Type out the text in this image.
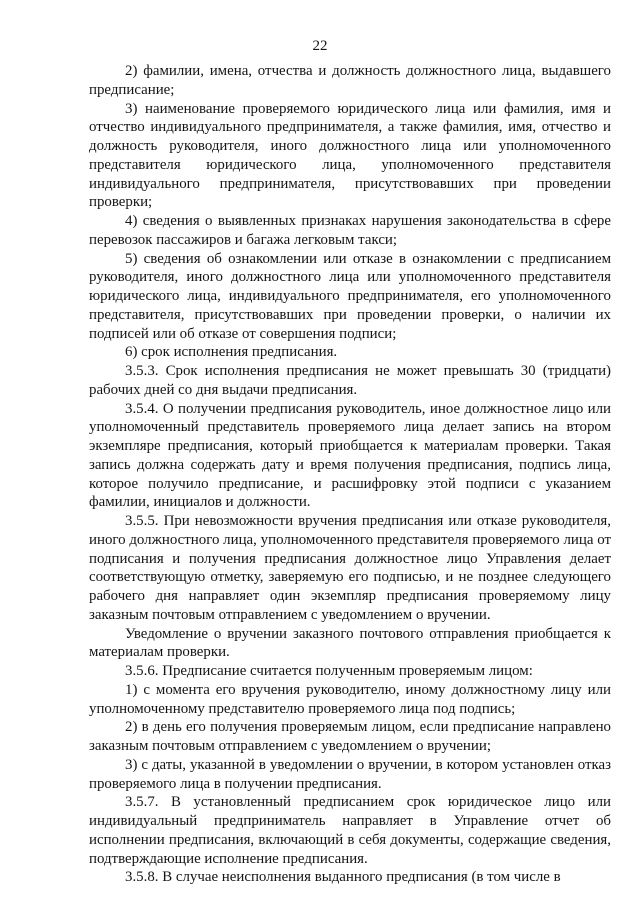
22

2) фамилии, имена, отчества и должность должностного лица, выдавшего предписание;

3) наименование проверяемого юридического лица или фамилия, имя и отчество индивидуального предпринимателя, а также фамилия, имя, отчество и должность руководителя, иного должностного лица или уполномоченного представителя юридического лица, уполномоченного представителя индивидуального предпринимателя, присутствовавших при проведении проверки;

4) сведения о выявленных признаках нарушения законодательства в сфере перевозок пассажиров и багажа легковым такси;

5) сведения об ознакомлении или отказе в ознакомлении с предписанием руководителя, иного должностного лица или уполномоченного представителя юридического лица, индивидуального предпринимателя, его уполномоченного представителя, присутствовавших при проведении проверки, о наличии их подписей или об отказе от совершения подписи;

6) срок исполнения предписания.

3.5.3. Срок исполнения предписания не может превышать 30 (тридцати) рабочих дней со дня выдачи предписания.

3.5.4. О получении предписания руководитель, иное должностное лицо или уполномоченный представитель проверяемого лица делает запись на втором экземпляре предписания, который приобщается к материалам проверки. Такая запись должна содержать дату и время получения предписания, подпись лица, которое получило предписание, и расшифровку этой подписи с указанием фамилии, инициалов и должности.

3.5.5. При невозможности вручения предписания или отказе руководителя, иного должностного лица, уполномоченного представителя проверяемого лица от подписания и получения предписания должностное лицо Управления делает соответствующую отметку, заверяемую его подписью, и не позднее следующего рабочего дня направляет один экземпляр предписания проверяемому лицу заказным почтовым отправлением с уведомлением о вручении.

Уведомление о вручении заказного почтового отправления приобщается к материалам проверки.

3.5.6. Предписание считается полученным проверяемым лицом:

1) с момента его вручения руководителю, иному должностному лицу или уполномоченному представителю проверяемого лица под подпись;

2) в день его получения проверяемым лицом, если предписание направлено заказным почтовым отправлением с уведомлением о вручении;

3) с даты, указанной в уведомлении о вручении, в котором установлен отказ проверяемого лица в получении предписания.

3.5.7. В установленный предписанием срок юридическое лицо или индивидуальный предприниматель направляет в Управление отчет об исполнении предписания, включающий в себя документы, содержащие сведения, подтверждающие исполнение предписания.

3.5.8. В случае неисполнения выданного предписания (в том числе в
